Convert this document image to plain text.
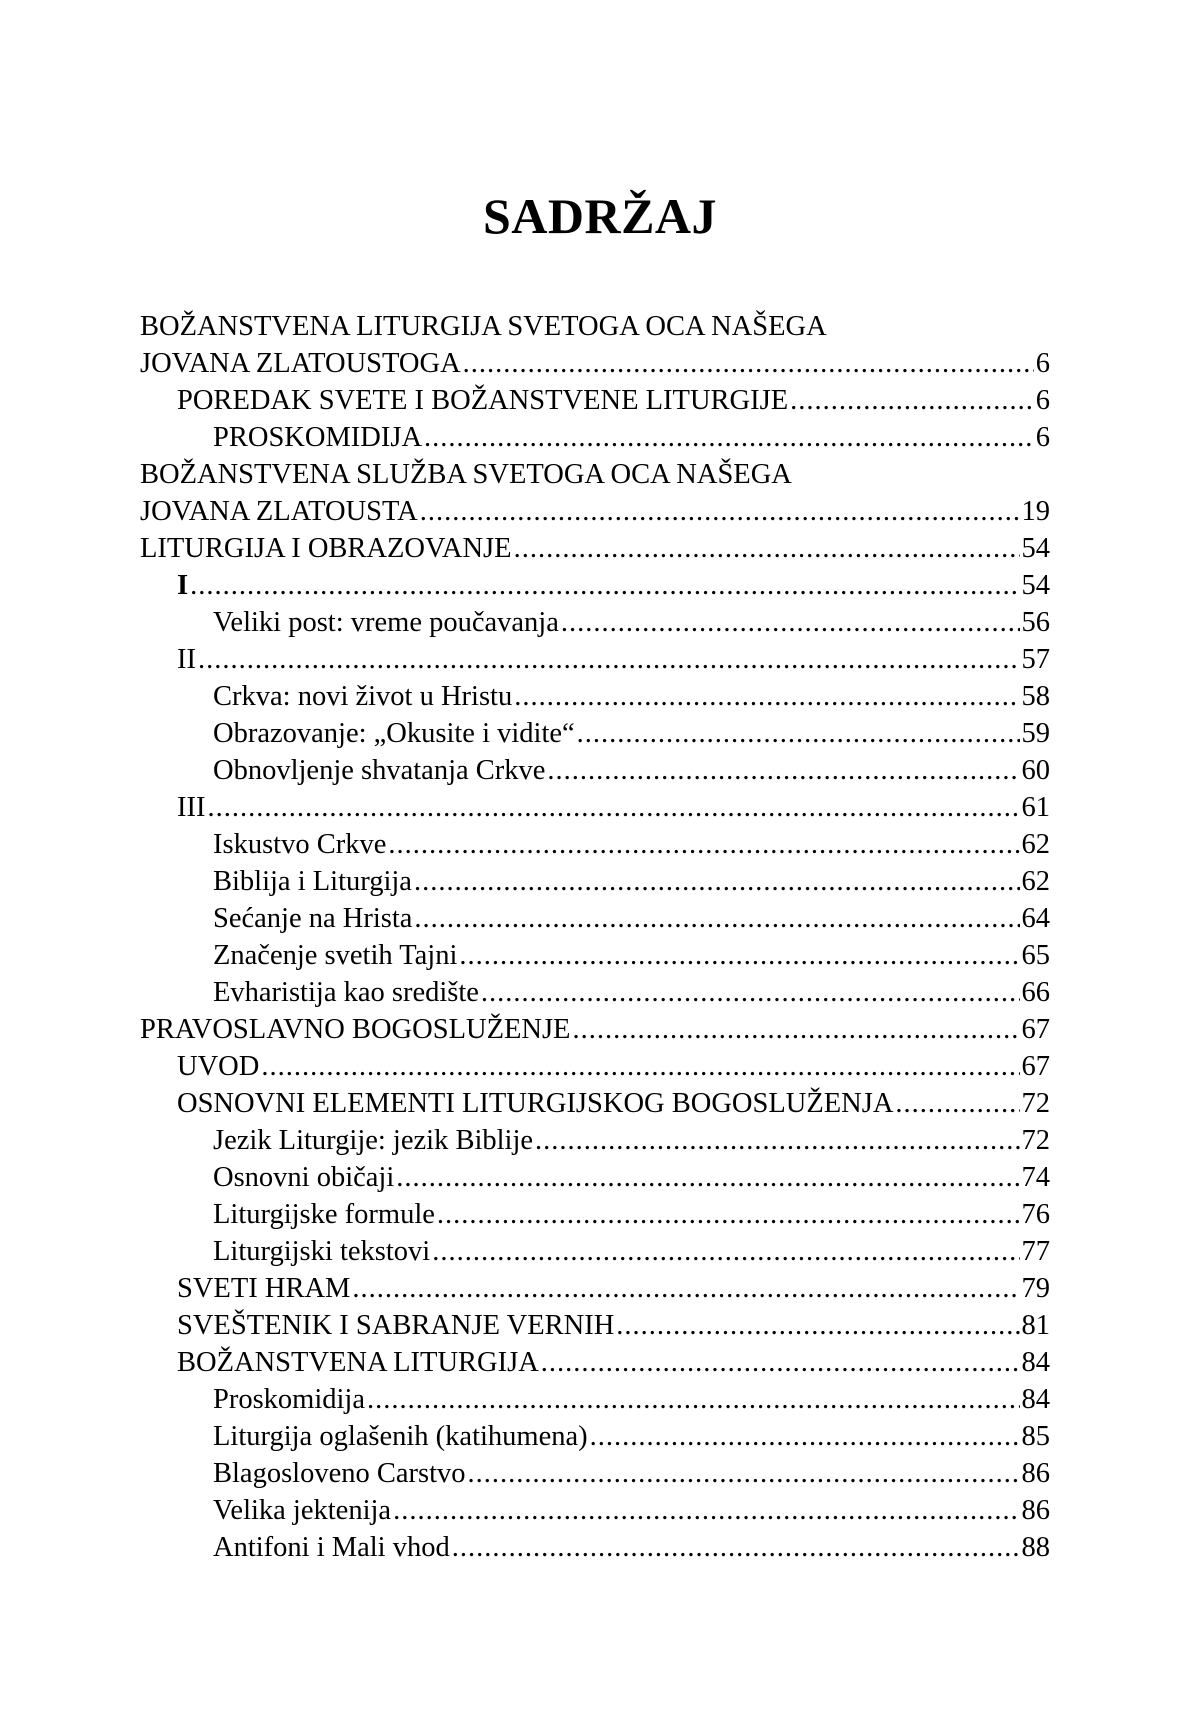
SADRŽAJ
BOŽANSTVENA LITURGIJA SVETOGA OCA NAŠEGA
JOVANA ZLATOUSTOGA .....	6
POREDAK SVETE I BOŽANSTVENE LITURGIJE .....	6
PROSKOMIDIJA .....	6
BOŽANSTVENA SLUŽBA SVETOGA OCA NAŠEGA
JOVANA ZLATOUSTA .....	19
LITURGIJA I OBRAZOVANJE .....	54
I .....	54
Veliki post: vreme poučavanja .....	56
II .....	57
Crkva: novi život u Hristu .....	58
Obrazovanje: „Okusite i vidite“ .....	59
Obnovljenje shvatanja Crkve .....	60
III .....	61
Iskustvo Crkve .....	62
Biblija i Liturgija .....	62
Sećanje na Hrista .....	64
Značenje svetih Tajni .....	65
Evharistija kao središte .....	66
PRAVOSLAVNO BOGOSLUŽENJE .....	67
UVOD .....	67
OSNOVNI ELEMENTI LITURGIJSKOG BOGOSLUŽENJA .....	72
Jezik Liturgije: jezik Biblije .....	72
Osnovni običaji .....	74
Liturgijske formule .....	76
Liturgijski tekstovi .....	77
SVETI HRAM .....	79
SVEŠTENIK I SABRANJE VERNIH .....	81
BOŽANSTVENA LITURGIJA .....	84
Proskomidija .....	84
Liturgija oglašenih (katihumena) .....	85
Blagosloveno Carstvo .....	86
Velika jektenija .....	86
Antifoni i Mali vhod .....	88
